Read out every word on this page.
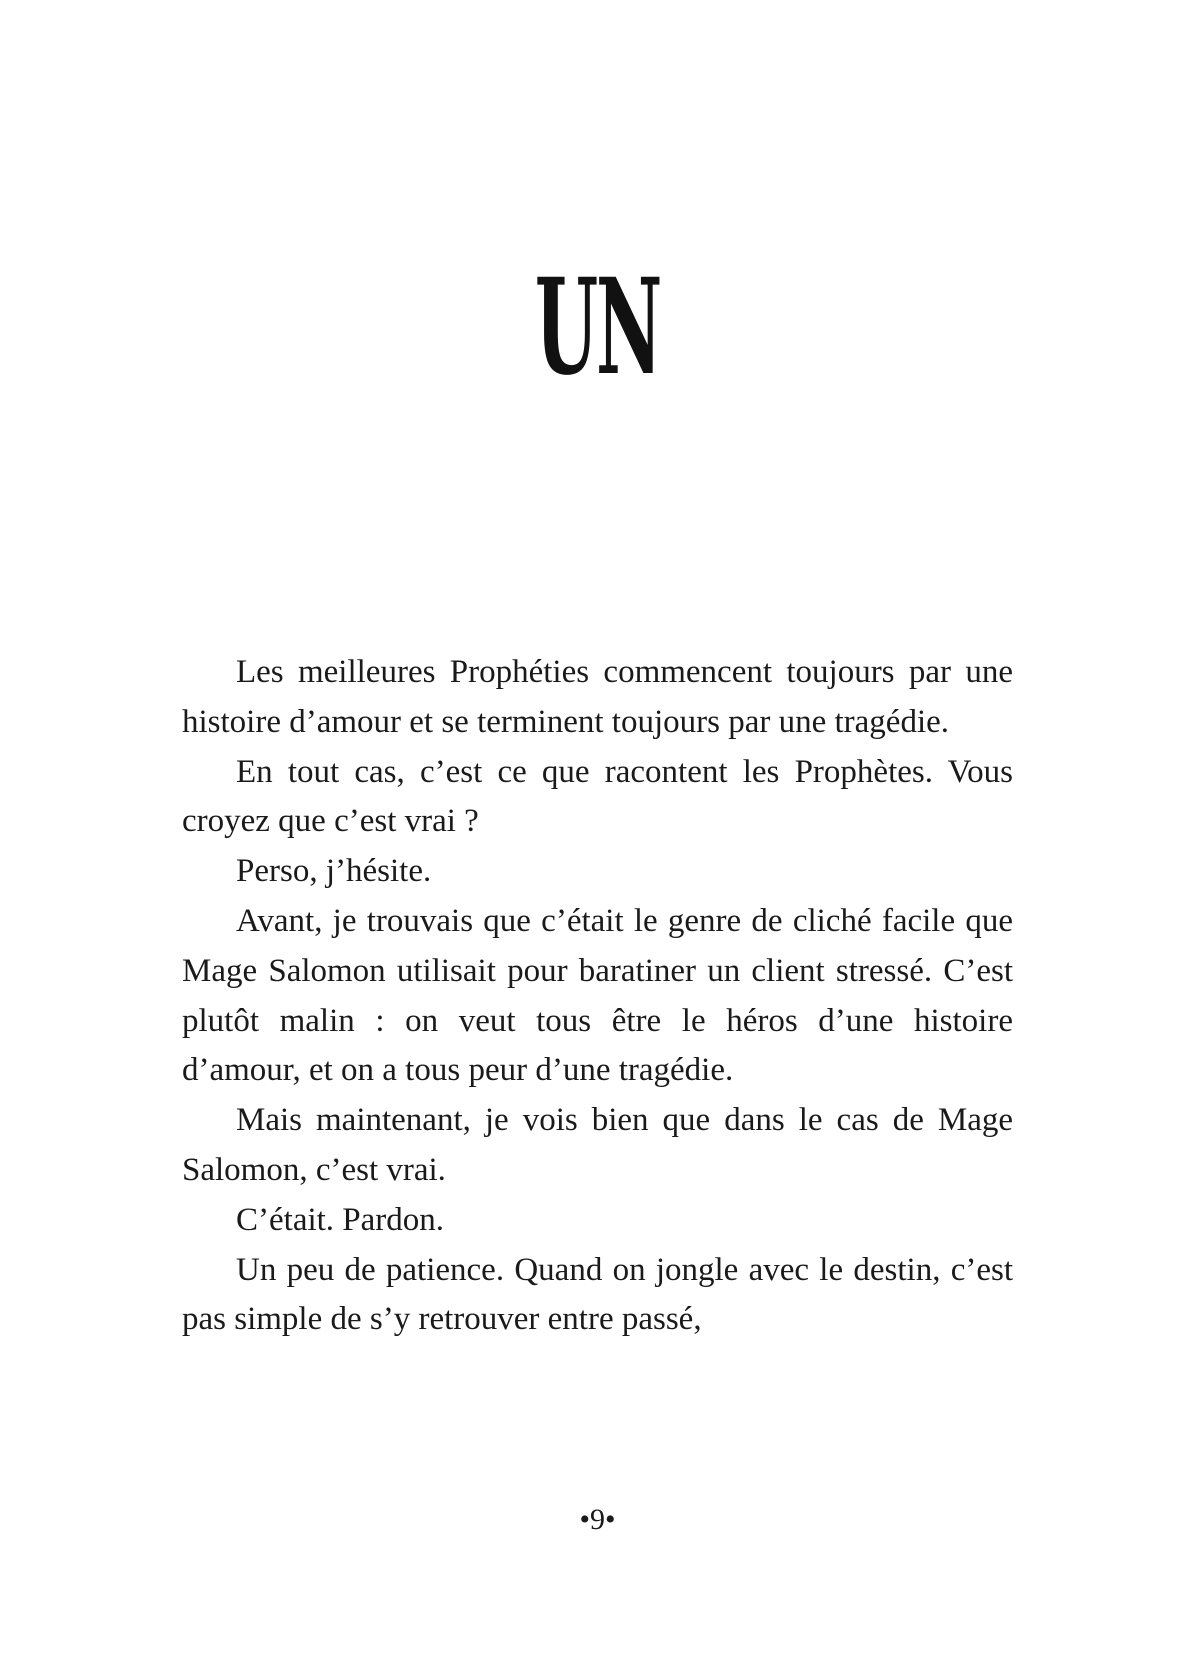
UN

Les meilleures Prophéties commencent toujours par une histoire d’amour et se terminent toujours par une tragédie.

En tout cas, c’est ce que racontent les Prophètes. Vous croyez que c’est vrai ?

Perso, j’hésite.

Avant, je trouvais que c’était le genre de cliché facile que Mage Salomon utilisait pour baratiner un client stressé. C’est plutôt malin : on veut tous être le héros d’une histoire d’amour, et on a tous peur d’une tragédie.

Mais maintenant, je vois bien que dans le cas de Mage Salomon, c’est vrai.

C’était. Pardon.

Un peu de patience. Quand on jongle avec le destin, c’est pas simple de s’y retrouver entre passé,

•9•
